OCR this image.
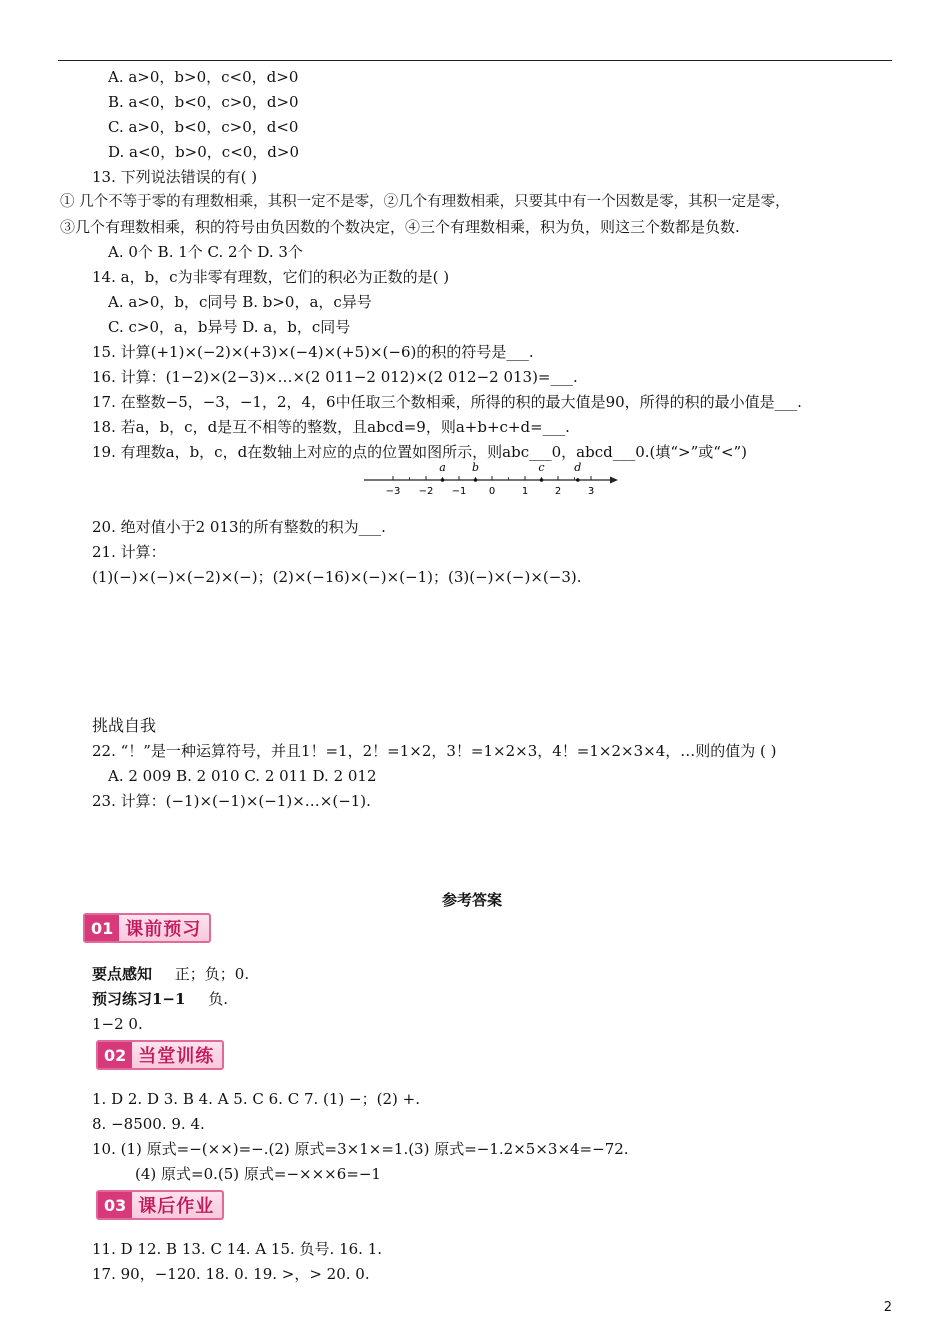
A. a>0，b>0，c<0，d>0
B. a<0，b<0，c>0，d>0
C. a>0，b<0，c>0，d<0
D. a<0，b>0，c<0，d>0
13. 下列说法错误的有( )
① 几个不等于零的有理数相乘，其积一定不是零，②几个有理数相乘，只要其中有一个因数是零，其积一定是零，
③几个有理数相乘，积的符号由负因数的个数决定，④三个有理数相乘，积为负，则这三个数都是负数.
A. 0个 B. 1个 C. 2个 D. 3个
14. a，b，c为非零有理数，它们的积必为正数的是( )
A. a>0，b，c同号 B. b>0，a，c异号
C. c>0，a，b异号 D. a，b，c同号
15. 计算(+1)×(−2)×(+3)×(−4)×(+5)×(−6)的积的符号是___.
16. 计算：(1−2)×(2−3)×…×(2 011−2 012)×(2 012−2 013)=___.
17. 在整数−5，−3，−1，2，4，6中任取三个数相乘，所得的积的最大值是90，所得的积的最小值是___.
18. 若a，b，c，d是互不相等的整数，且abcd=9，则a+b+c+d=___.
19. 有理数a，b，c，d在数轴上对应的点的位置如图所示，则abc___0，abcd___0.(填“>”或“<”)
−3 −2 −1 0	1	2	3
a b	c	d
20. 绝对值小于2 013的所有整数的积为___.
21. 计算：
(1)(−)×(−)×(−2)×(−)；(2)×(−16)×(−)×(−1)；(3)(−)×(−)×(−3).
挑战自我
22. “！”是一种运算符号，并且1！=1，2！=1×2，3！=1×2×3，4！=1×2×3×4，…则的值为 ( )
A. 2 009 B. 2 010 C. 2 011 D. 2 012
23. 计算：(−1)×(−1)×(−1)×…×(−1).
参考答案
01 课前预习
要点感知 正；负；0.
预习练习1−1 负.
1−2 0.
02 当堂训练
1. D 2. D 3. B 4. A 5. C 6. C 7. (1) −；(2) +.
8. −8500. 9. 4.
10. (1) 原式=−(××)=−.(2) 原式=3×1×=1.(3) 原式=−1.2×5×3×4=−72.
(4) 原式=0.(5) 原式=−×××6=−1
03 课后作业
11. D 12. B 13. C 14. A 15. 负号. 16. 1.
17. 90，−120. 18. 0. 19. >，> 20. 0.
2
